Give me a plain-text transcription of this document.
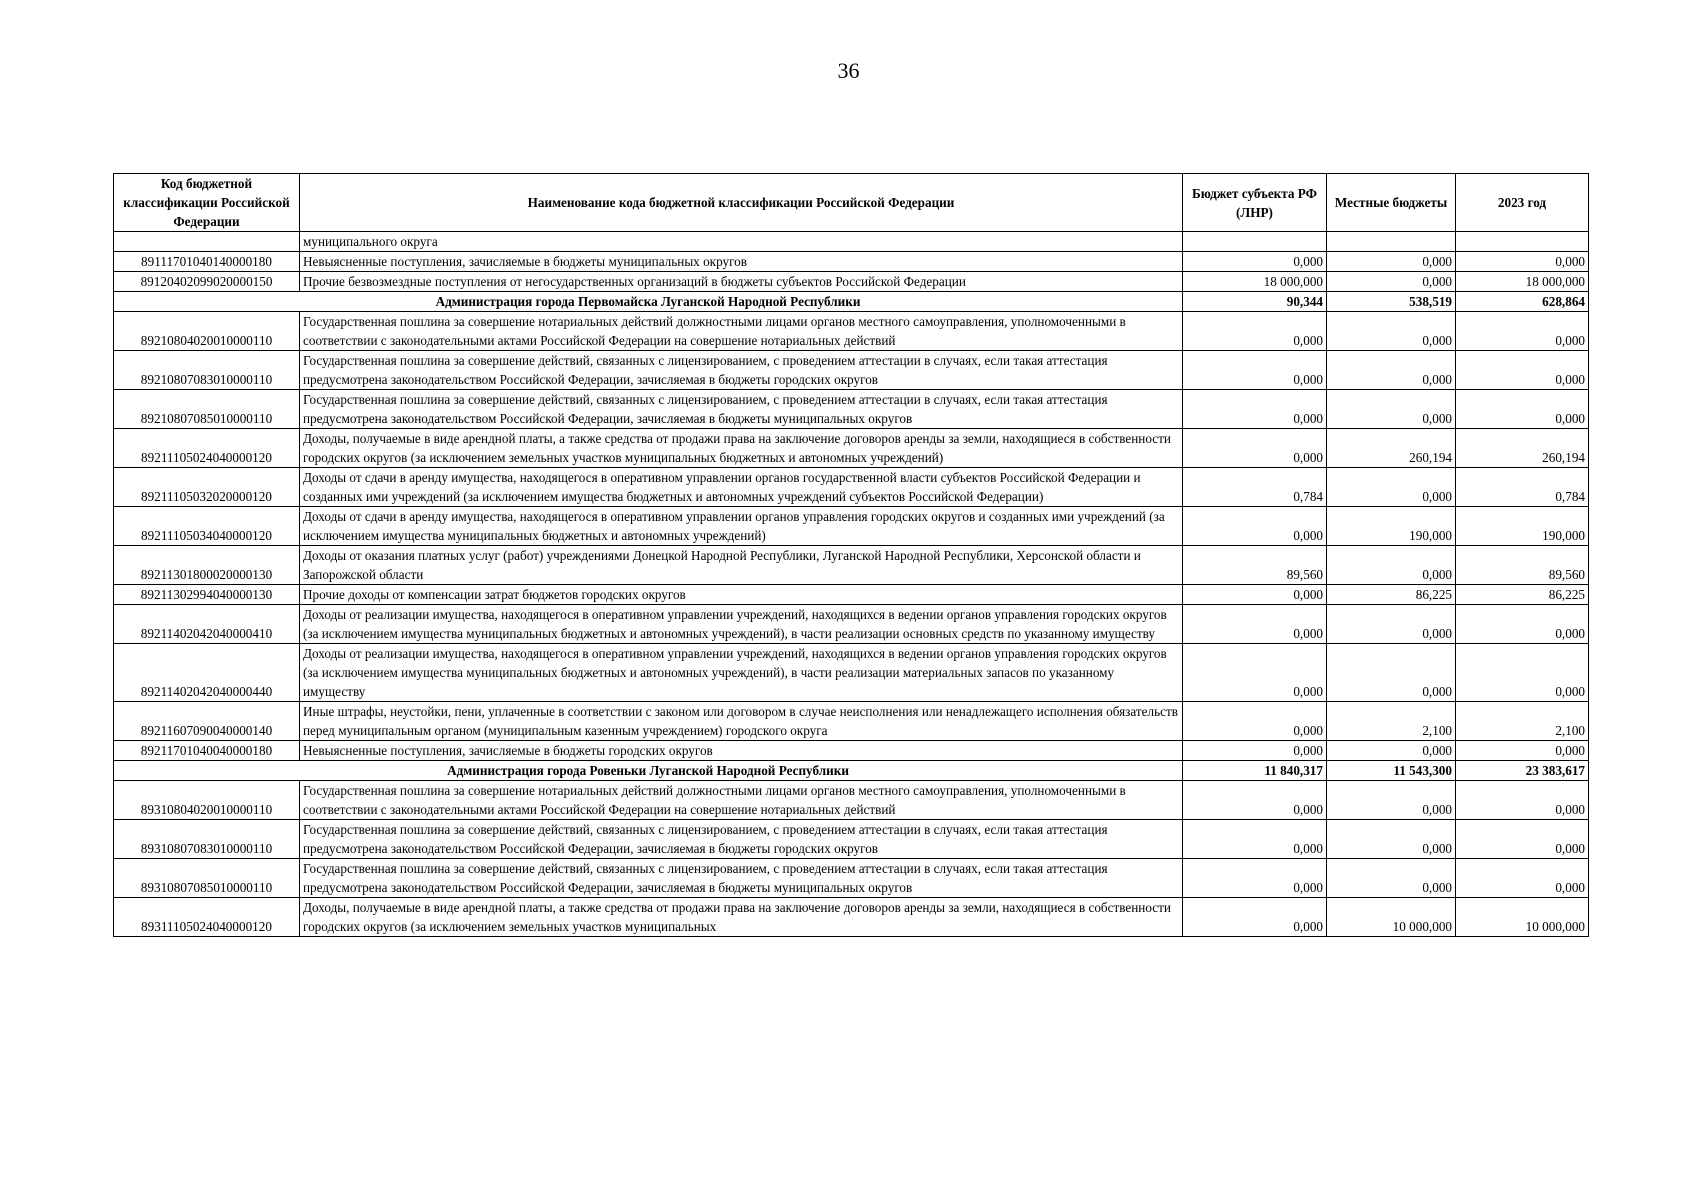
36
Код бюджетной классификации Российской Федерации	Наименование кода бюджетной классификации Российской Федерации	Бюджет субъекта РФ (ЛНР)	Местные бюджеты	2023 год
	муниципального округа			
89111701040140000180	Невыясненные поступления, зачисляемые в бюджеты муниципальных округов	0,000	0,000	0,000
89120402099020000150	Прочие безвозмездные поступления от негосударственных организаций в бюджеты субъектов Российской Федерации	18 000,000	0,000	18 000,000
Администрация города Первомайска Луганской Народной Республики		90,344	538,519	628,864
89210804020010000110	Государственная пошлина за совершение нотариальных действий должностными лицами органов местного самоуправления, уполномоченными в соответствии с законодательными актами Российской Федерации на совершение нотариальных действий	0,000	0,000	0,000
89210807083010000110	Государственная пошлина за совершение действий, связанных с лицензированием, с проведением аттестации в случаях, если такая аттестация предусмотрена законодательством Российской Федерации, зачисляемая в бюджеты городских округов	0,000	0,000	0,000
89210807085010000110	Государственная пошлина за совершение действий, связанных с лицензированием, с проведением аттестации в случаях, если такая аттестация предусмотрена законодательством Российской Федерации, зачисляемая в бюджеты муниципальных округов	0,000	0,000	0,000
89211105024040000120	Доходы, получаемые в виде арендной платы, а также средства от продажи права на заключение договоров аренды за земли, находящиеся в собственности городских округов (за исключением земельных участков муниципальных бюджетных и автономных учреждений)	0,000	260,194	260,194
89211105032020000120	Доходы от сдачи в аренду имущества, находящегося в оперативном управлении органов государственной власти субъектов Российской Федерации и созданных ими учреждений (за исключением имущества бюджетных и автономных учреждений субъектов Российской Федерации)	0,784	0,000	0,784
89211105034040000120	Доходы от сдачи в аренду имущества, находящегося в оперативном управлении органов управления городских округов и созданных ими учреждений (за исключением имущества муниципальных бюджетных и автономных учреждений)	0,000	190,000	190,000
89211301800020000130	Доходы от оказания платных услуг (работ) учреждениями Донецкой Народной Республики, Луганской Народной Республики, Херсонской области и Запорожской области	89,560	0,000	89,560
89211302994040000130	Прочие доходы от компенсации затрат бюджетов городских округов	0,000	86,225	86,225
89211402042040000410	Доходы от реализации имущества, находящегося в оперативном управлении учреждений, находящихся в ведении органов управления городских округов (за исключением имущества муниципальных бюджетных и автономных учреждений), в части реализации основных средств по указанному имуществу	0,000	0,000	0,000
89211402042040000440	Доходы от реализации имущества, находящегося в оперативном управлении учреждений, находящихся в ведении органов управления городских округов (за исключением имущества муниципальных бюджетных и автономных учреждений), в части реализации материальных запасов по указанному имуществу	0,000	0,000	0,000
89211607090040000140	Иные штрафы, неустойки, пени, уплаченные в соответствии с законом или договором в случае неисполнения или ненадлежащего исполнения обязательств перед муниципальным органом (муниципальным казенным учреждением) городского округа	0,000	2,100	2,100
89211701040040000180	Невыясненные поступления, зачисляемые в бюджеты городских округов	0,000	0,000	0,000
Администрация города Ровеньки Луганской Народной Республики		11 840,317	11 543,300	23 383,617
89310804020010000110	Государственная пошлина за совершение нотариальных действий должностными лицами органов местного самоуправления, уполномоченными в соответствии с законодательными актами Российской Федерации на совершение нотариальных действий	0,000	0,000	0,000
89310807083010000110	Государственная пошлина за совершение действий, связанных с лицензированием, с проведением аттестации в случаях, если такая аттестация предусмотрена законодательством Российской Федерации, зачисляемая в бюджеты городских округов	0,000	0,000	0,000
89310807085010000110	Государственная пошлина за совершение действий, связанных с лицензированием, с проведением аттестации в случаях, если такая аттестация предусмотрена законодательством Российской Федерации, зачисляемая в бюджеты муниципальных округов	0,000	0,000	0,000
89311105024040000120	Доходы, получаемые в виде арендной платы, а также средства от продажи права на заключение договоров аренды за земли, находящиеся в собственности городских округов (за исключением земельных участков муниципальных	0,000	10 000,000	10 000,000
